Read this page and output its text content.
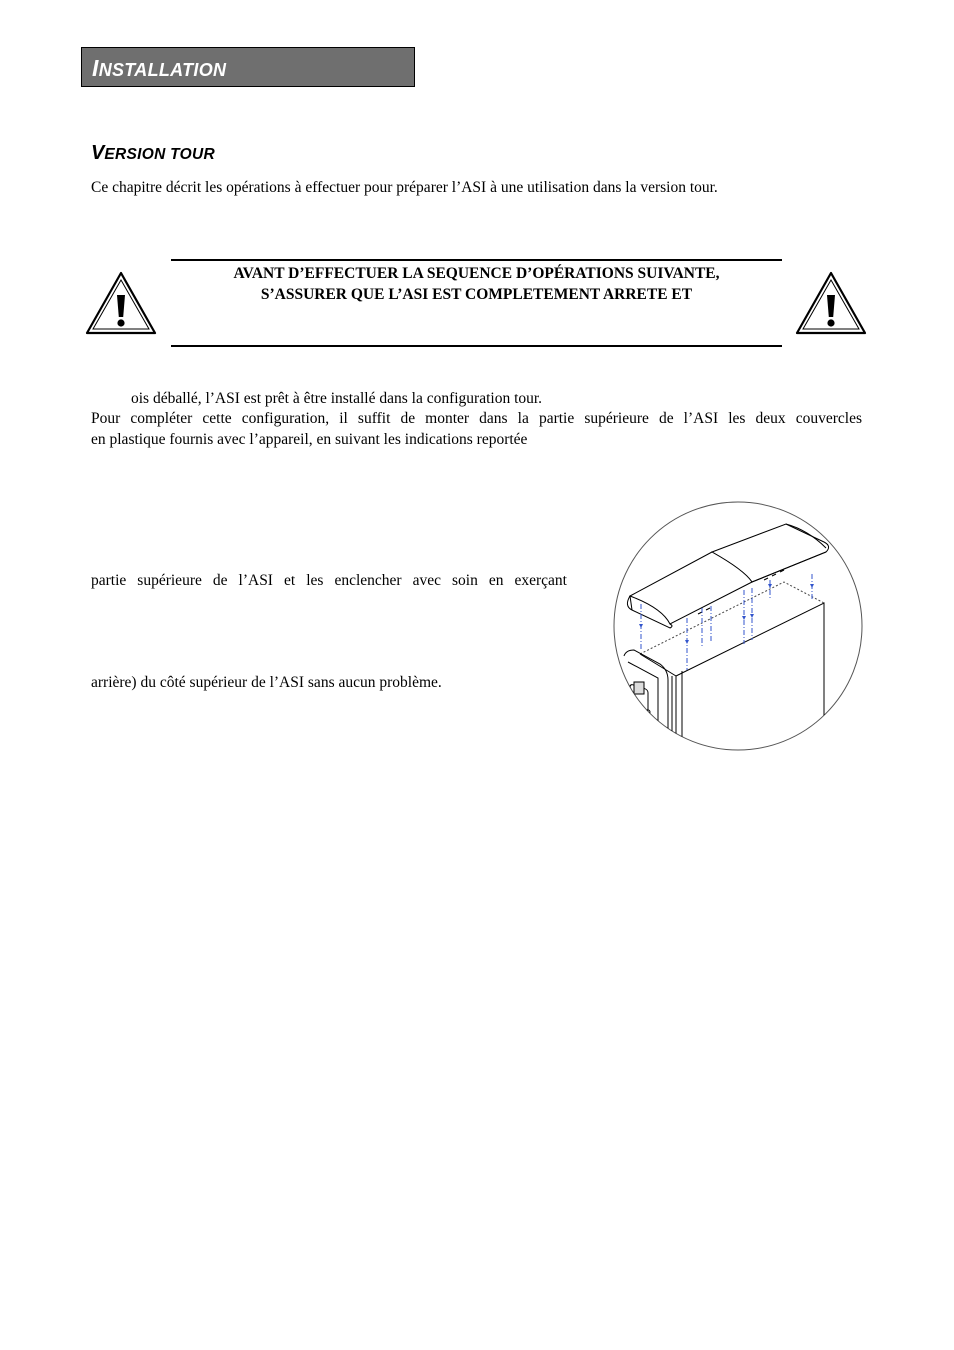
INSTALLATION
VERSION TOUR
Ce chapitre décrit les opérations à effectuer pour préparer l’ASI à une utilisation dans la version tour.
AVANT D’EFFECTUER LA SEQUENCE D’OPÉRATIONS SUIVANTE,
S’ASSURER QUE L’ASI EST COMPLETEMENT ARRETE ET
ois déballé, l’ASI est prêt à être installé dans la configuration tour.
Pour compléter cette configuration, il suffit de monter dans la partie supérieure de l’ASI les deux couvercles
en plastique fournis avec l’appareil, en suivant les indications reportée
partie supérieure de l’ASI et les enclencher avec soin en exerçant
arrière) du côté supérieur de l’ASI sans aucun problème.
